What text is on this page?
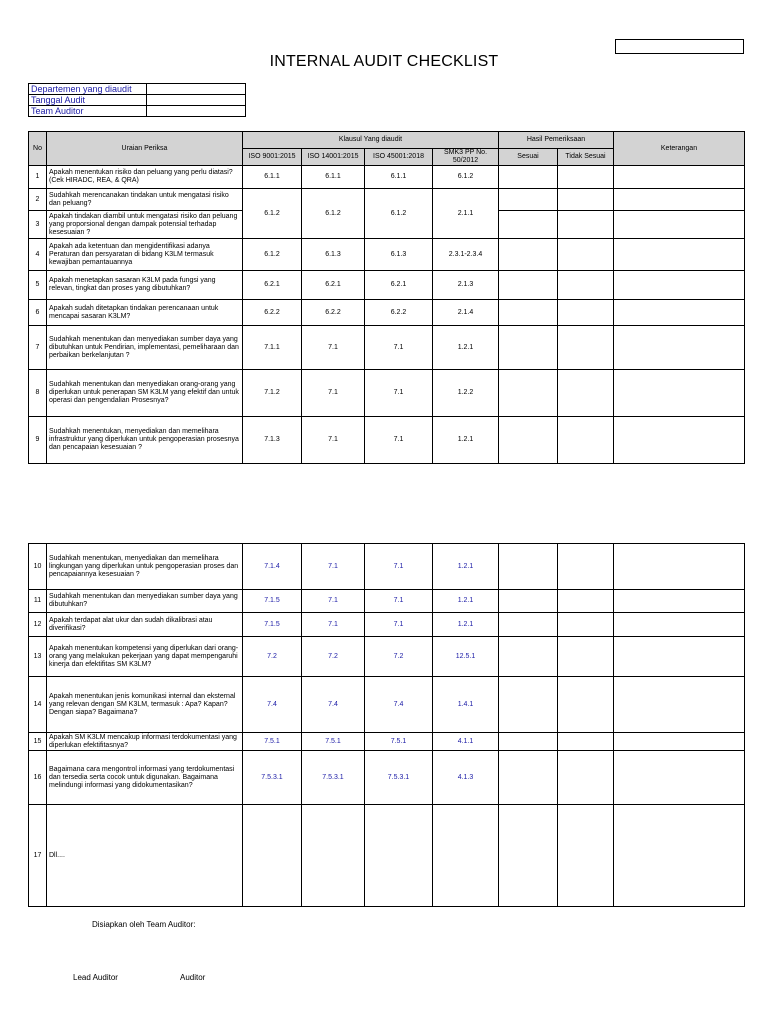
INTERNAL AUDIT CHECKLIST
Departemen yang diaudit	
Tanggal Audit	
Team Auditor	
No	Uraian Periksa	Klausul Yang diaudit				Hasil Pemeriksaan		Keterangan
		ISO 9001:2015	ISO 14001:2015	ISO 45001:2018	SMK3 PP No. 50/2012	Sesuai	Tidak Sesuai	
1	Apakah menentukan risiko dan peluang yang perlu diatasi? (Cek HIRADC, REA, & QRA)	6.1.1	6.1.1	6.1.1	6.1.2			
2	Sudahkah merencanakan tindakan untuk mengatasi risiko dan peluang?	6.1.2	6.1.2	6.1.2	2.1.1			
3	Apakah tindakan diambil untuk mengatasi risiko dan peluang yang proporsional dengan dampak potensial terhadap kesesuaian ?							
4	Apakah ada ketentuan dan mengidentifikasi adanya Peraturan dan persyaratan di bidang K3LM termasuk kewajiban pemantauannya	6.1.2	6.1.3	6.1.3	2.3.1-2.3.4			
5	Apakah menetapkan sasaran K3LM pada fungsi yang relevan, tingkat dan proses yang dibutuhkan?	6.2.1	6.2.1	6.2.1	2.1.3			
6	Apakah sudah ditetapkan tindakan perencanaan untuk mencapai sasaran K3LM?	6.2.2	6.2.2	6.2.2	2.1.4			
7	Sudahkah menentukan dan menyediakan sumber daya yang dibutuhkan untuk Pendirian, implementasi, pemeliharaan dan perbaikan berkelanjutan ?	7.1.1	7.1	7.1	1.2.1			
8	Sudahkah menentukan dan menyediakan orang-orang yang diperlukan untuk penerapan SM K3LM yang efektif dan untuk operasi dan pengendalian Prosesnya?	7.1.2	7.1	7.1	1.2.2			
9	Sudahkah menentukan, menyediakan dan memelihara infrastruktur yang diperlukan untuk pengoperasian prosesnya dan pencapaian kesesuaian ?	7.1.3	7.1	7.1	1.2.1			
10	Sudahkah menentukan, menyediakan dan memelihara lingkungan yang diperlukan untuk pengoperasian proses dan pencapaiannya kesesuaian ?	7.1.4	7.1	7.1	1.2.1			
11	Sudahkah menentukan dan menyediakan sumber daya yang dibutuhkan?	7.1.5	7.1	7.1	1.2.1			
12	Apakah terdapat alat ukur dan sudah dikalibrasi atau diverifikasi?	7.1.5	7.1	7.1	1.2.1			
13	Apakah menentukan kompetensi yang diperlukan dari orang-orang yang melakukan pekerjaan yang dapat mempengaruhi kinerja dan efektifitas SM K3LM?	7.2	7.2	7.2	12.5.1			
14	Apakah menentukan jenis komunikasi internal dan eksternal yang relevan dengan SM K3LM, termasuk : Apa? Kapan? Dengan siapa? Bagaimana?	7.4	7.4	7.4	1.4.1			
15	Apakah SM K3LM mencakup informasi terdokumentasi yang diperlukan efektifitasnya?	7.5.1	7.5.1	7.5.1	4.1.1			
16	Bagaimana cara mengontrol informasi yang terdokumentasi dan tersedia serta cocok untuk digunakan. Bagaimana melindungi informasi yang didokumentasikan?	7.5.3.1	7.5.3.1	7.5.3.1	4.1.3			
17	Dll....							
Disiapkan oleh Team Auditor:
Lead Auditor	Auditor
